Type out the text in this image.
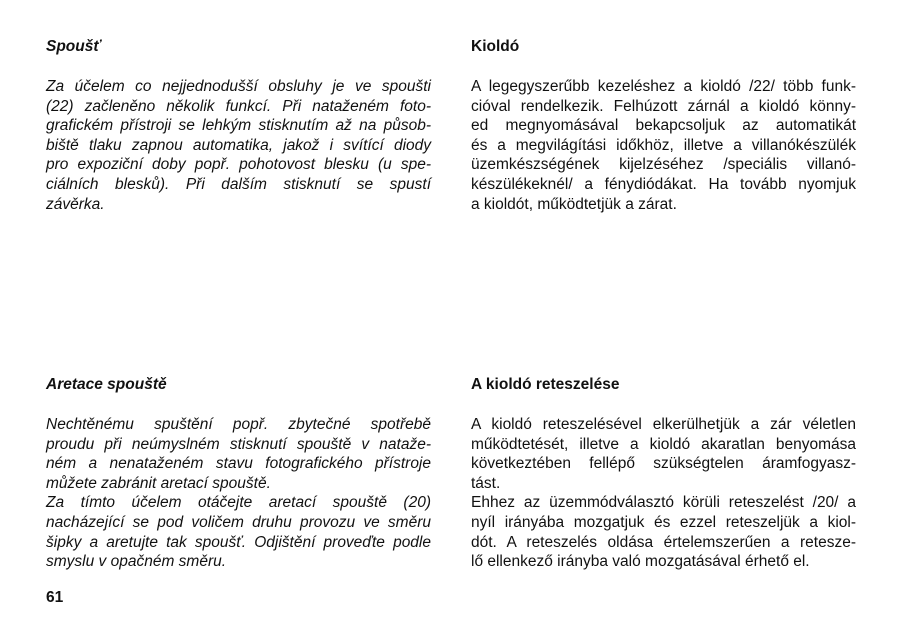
Spoušť
Za účelem co nejjednodušší obsluhy je ve spoušti
(22) začleněno několik funkcí. Při nataženém foto-
grafickém přístroji se lehkým stisknutím až na působ-
biště tlaku zapnou automatika, jakož i svítící diody
pro expoziční doby popř. pohotovost blesku (u spe-
ciálních blesků). Při dalším stisknutí se spustí
závěrka.
Kioldó
A legegyszerűbb kezeléshez a kioldó /22/ több funk-
cióval rendelkezik. Felhúzott zárnál a kioldó könny-
ed megnyomásával bekapcsoljuk az automatikát
és a megvilágítási időkhöz, illetve a villanókészülék
üzemkészségének kijelzéséhez /speciális villanó-
készülékeknél/ a fénydiódákat. Ha tovább nyomjuk
a kioldót, működtetjük a zárat.
Aretace spouště
Nechtěnému spuštění popř. zbytečné spotřebě
proudu při neúmyslném stisknutí spouště v nataže-
ném a nenataženém stavu fotografického přístroje
můžete zabránit aretací spouště.
Za tímto účelem otáčejte aretací spouště (20)
nacházející se pod voličem druhu provozu ve směru
šipky a aretujte tak spoušť. Odjištění proveďte podle
smyslu v opačném směru.
A kioldó reteszelése
A kioldó reteszelésével elkerülhetjük a zár véletlen
működtetését, illetve a kioldó akaratlan benyomása
következtében fellépő szükségtelen áramfogyasz-
tást.
Ehhez az üzemmódválasztó körüli reteszelést /20/ a
nyíl irányába mozgatjuk és ezzel reteszeljük a kiol-
dót. A reteszelés oldása értelemszerűen a retesze-
lő ellenkező irányba való mozgatásával érhető el.
61
